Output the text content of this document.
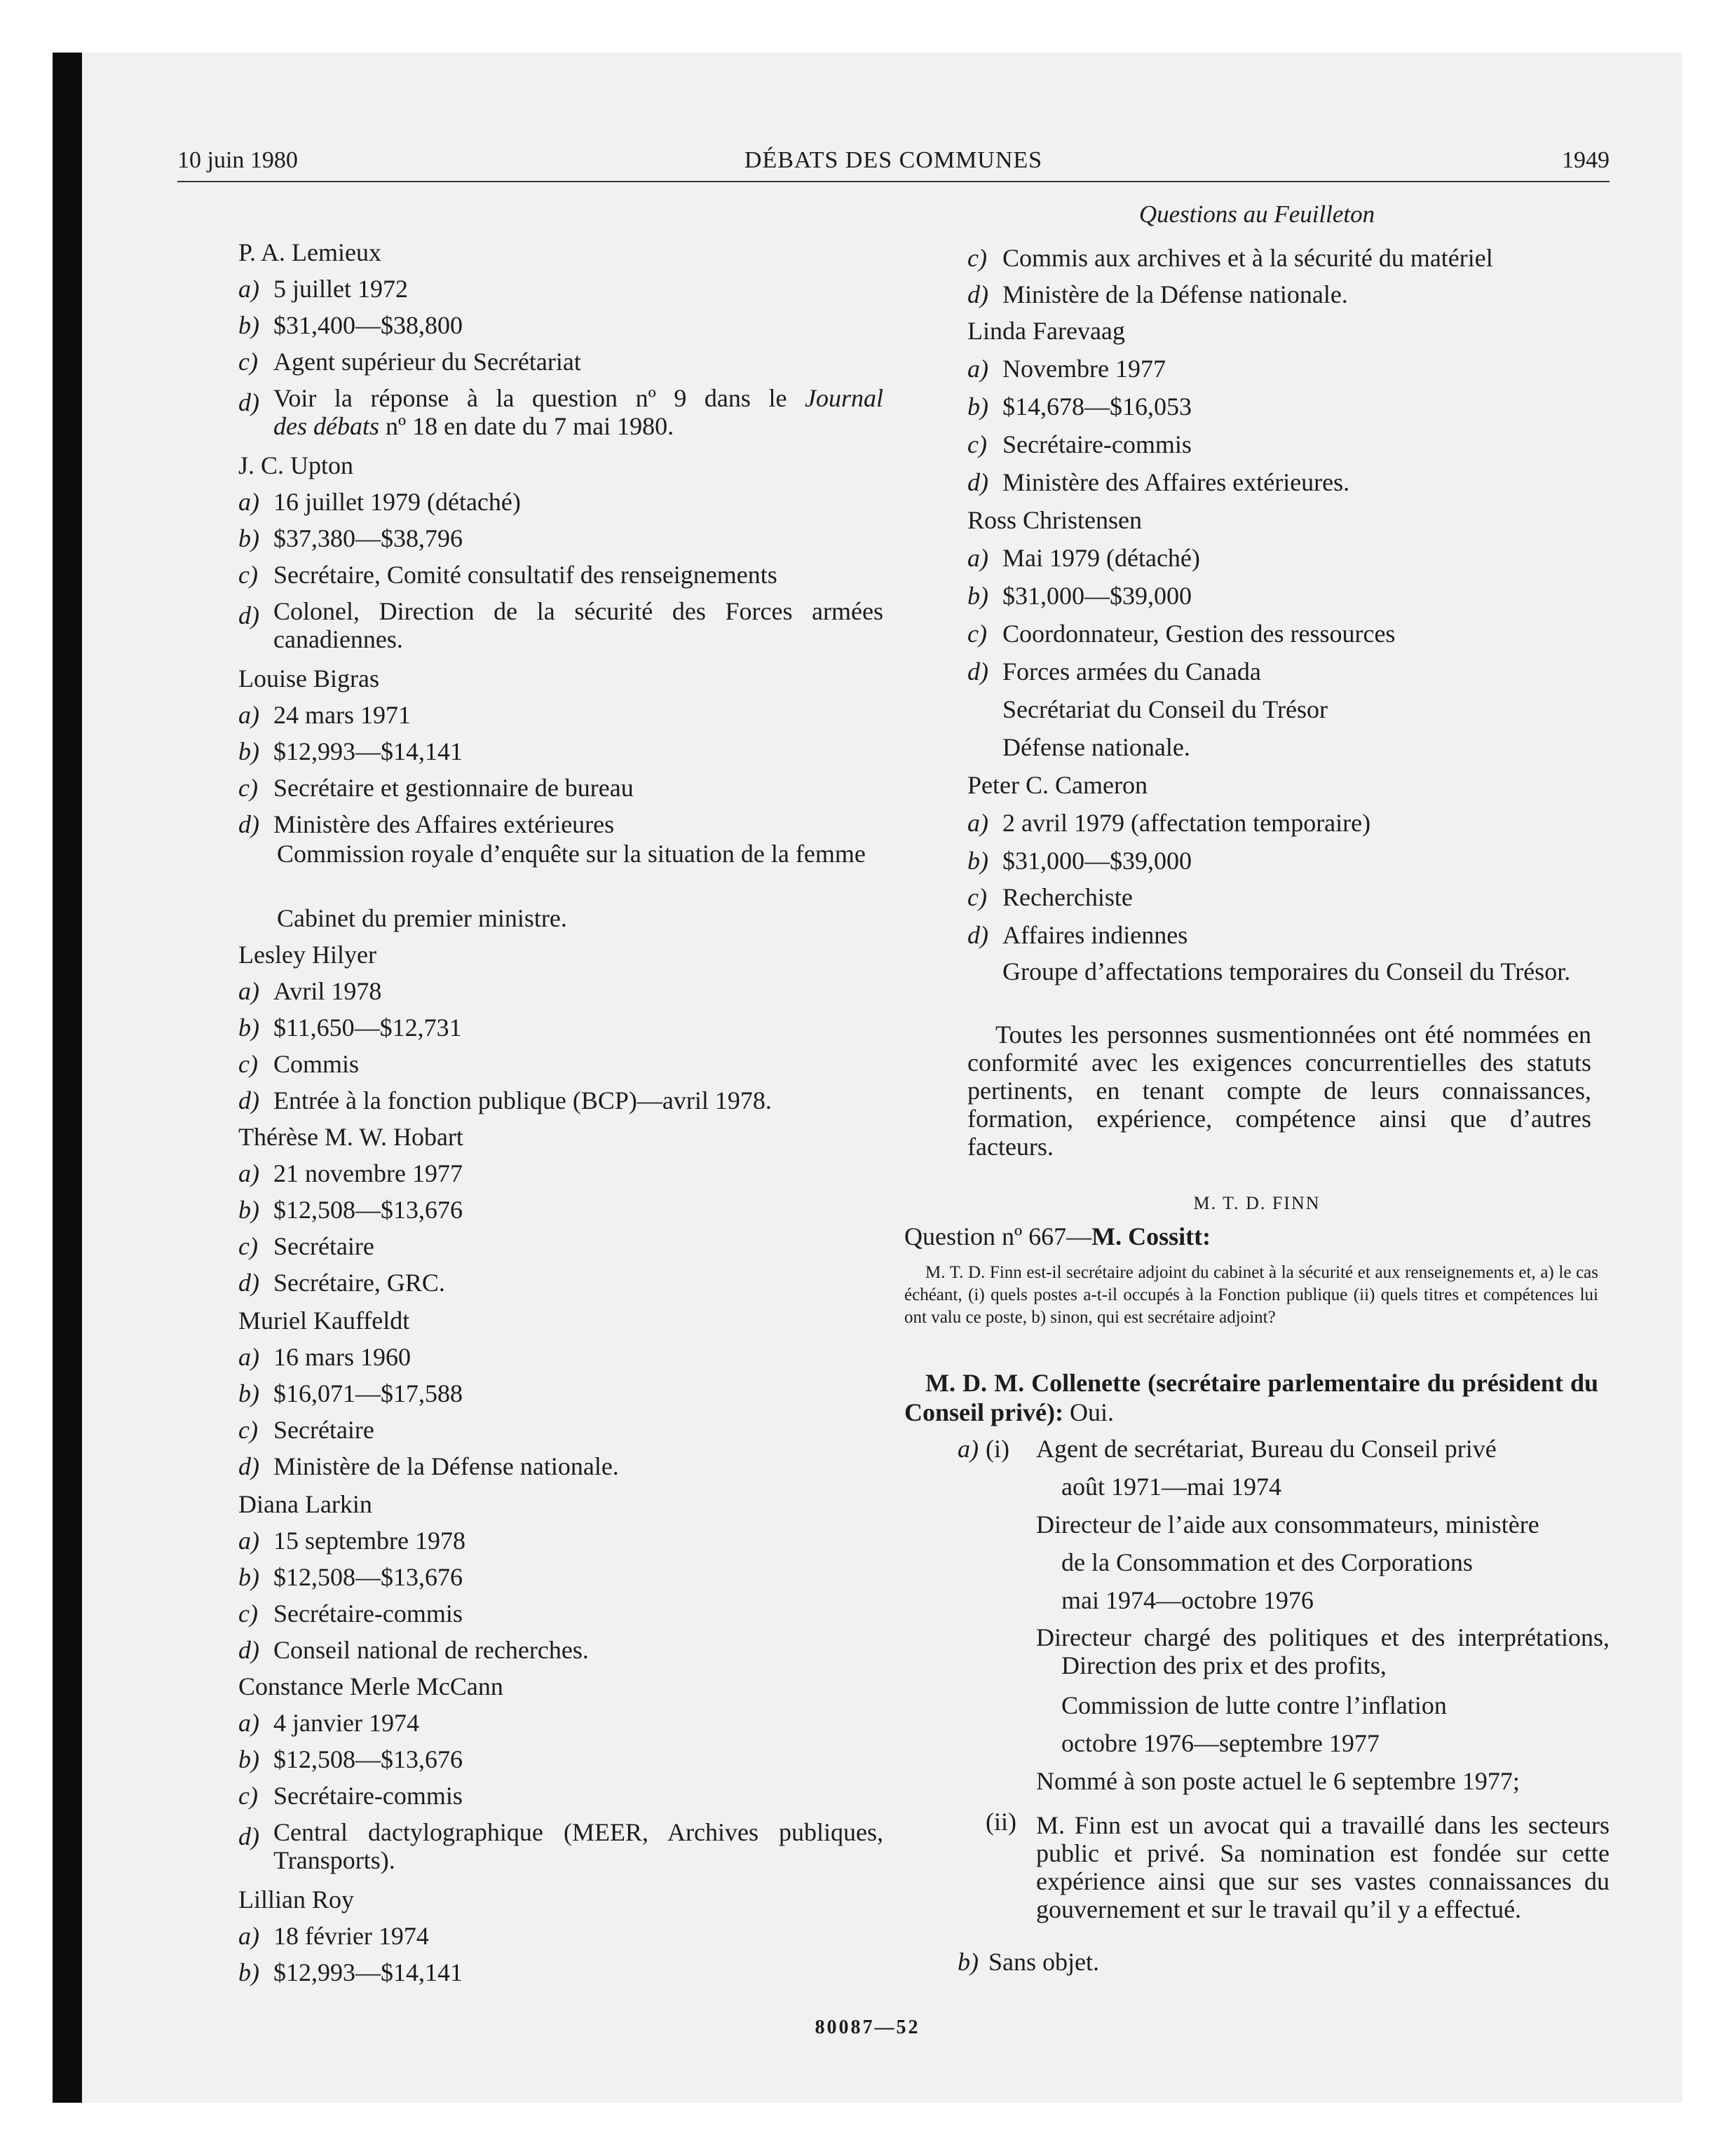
10 juin 1980	DÉBATS DES COMMUNES	1949
Questions au Feuilleton
P. A. Lemieux
a) 5 juillet 1972
b) $31,400—$38,800
c) Agent supérieur du Secrétariat
d) Voir la réponse à la question nº 9 dans le Journal
des débats nº 18 en date du 7 mai 1980.
J. C. Upton
a) 16 juillet 1979 (détaché)
b) $37,380—$38,796
c) Secrétaire, Comité consultatif des renseignements
d) Colonel, Direction de la sécurité des Forces armées canadiennes.
Louise Bigras
a) 24 mars 1971
b) $12,993—$14,141
c) Secrétaire et gestionnaire de bureau
d) Ministère des Affaires extérieures
Commission royale d’enquête sur la situation de la femme
Cabinet du premier ministre.
Lesley Hilyer
a) Avril 1978
b) $11,650—$12,731
c) Commis
d) Entrée à la fonction publique (BCP)—avril 1978.
Thérèse M. W. Hobart
a) 21 novembre 1977
b) $12,508—$13,676
c) Secrétaire
d) Secrétaire, GRC.
Muriel Kauffeldt
a) 16 mars 1960
b) $16,071—$17,588
c) Secrétaire
d) Ministère de la Défense nationale.
Diana Larkin
a) 15 septembre 1978
b) $12,508—$13,676
c) Secrétaire-commis
d) Conseil national de recherches.
Constance Merle McCann
a) 4 janvier 1974
b) $12,508—$13,676
c) Secrétaire-commis
d) Central dactylographique (MEER, Archives publiques, Transports).
Lillian Roy
a) 18 février 1974
b) $12,993—$14,141
c) Commis aux archives et à la sécurité du matériel
d) Ministère de la Défense nationale.
Linda Farevaag
a) Novembre 1977
b) $14,678—$16,053
c) Secrétaire-commis
d) Ministère des Affaires extérieures.
Ross Christensen
a) Mai 1979 (détaché)
b) $31,000—$39,000
c) Coordonnateur, Gestion des ressources
d) Forces armées du Canada
Secrétariat du Conseil du Trésor
Défense nationale.
Peter C. Cameron
a) 2 avril 1979 (affectation temporaire)
b) $31,000—$39,000
c) Recherchiste
d) Affaires indiennes
Groupe d’affectations temporaires du Conseil du Trésor.
Toutes les personnes susmentionnées ont été nommées en conformité avec les exigences concurrentielles des statuts pertinents, en tenant compte de leurs connaissances, formation, expérience, compétence ainsi que d’autres facteurs.
M. T. D. FINN
Question nº 667—M. Cossitt:
M. T. D. Finn est-il secrétaire adjoint du cabinet à la sécurité et aux renseignements et, a) le cas échéant, (i) quels postes a-t-il occupés à la Fonction publique (ii) quels titres et compétences lui ont valu ce poste, b) sinon, qui est secrétaire adjoint?
M. D. M. Collenette (secrétaire parlementaire du président du Conseil privé): Oui.
a) (i) Agent de secrétariat, Bureau du Conseil privé
août 1971—mai 1974
Directeur de l’aide aux consommateurs, ministère
de la Consommation et des Corporations
mai 1974—octobre 1976
Directeur chargé des politiques et des interprétations, Direction des prix et des profits,
Commission de lutte contre l’inflation
octobre 1976—septembre 1977
Nommé à son poste actuel le 6 septembre 1977;
(ii) M. Finn est un avocat qui a travaillé dans les secteurs public et privé. Sa nomination est fondée sur cette expérience ainsi que sur ses vastes connaissances du gouvernement et sur le travail qu’il y a effectué.
b) Sans objet.
80087—52
